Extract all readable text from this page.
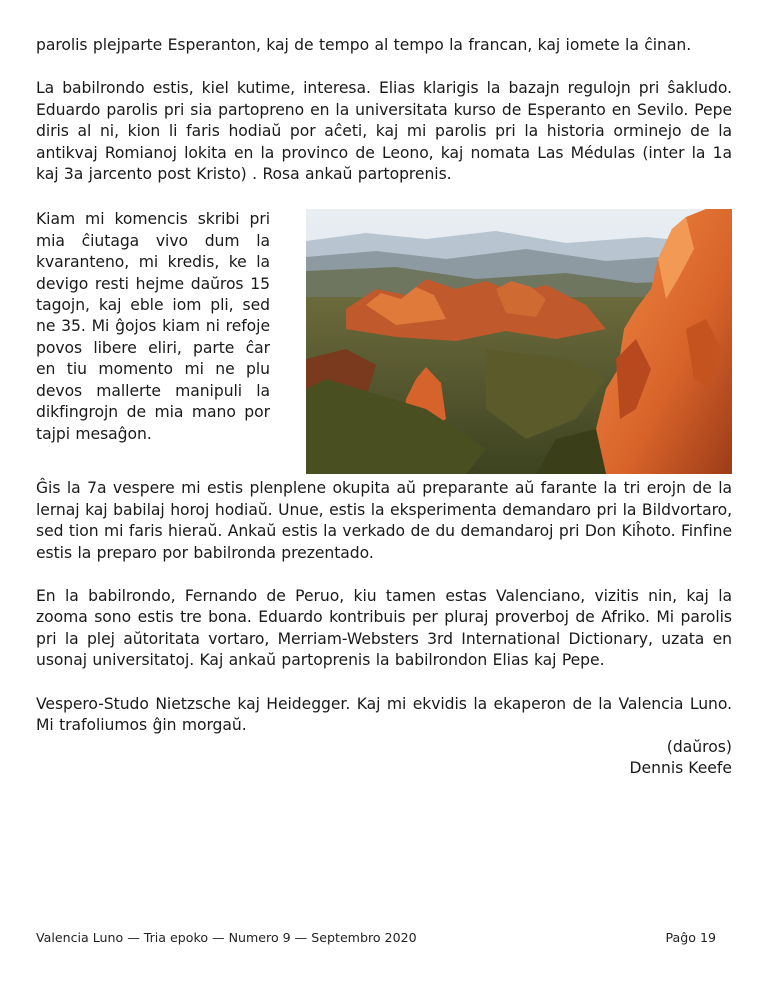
parolis plejparte Esperanton, kaj de tempo al tempo la francan, kaj iomete la ĉinan.

La babilrondo estis, kiel kutime, interesa. Elias klarigis la bazajn regulojn pri ŝakludo. Eduardo parolis pri sia partopreno en la universitata kurso de Esperanto en Sevilo. Pepe diris al ni, kion li faris hodiaŭ por aĉeti, kaj mi parolis pri la historia orminejo de la antikvaj Romianoj lokita en la provinco de Leono, kaj nomata Las Médulas (inter la 1a kaj 3a jarcento post Kristo) . Rosa ankaŭ partoprenis.

Kiam mi komencis skribi pri mia ĉiutaga vivo dum la kvaranteno, mi kredis, ke la devigo resti hejme daŭros 15 tagojn, kaj eble iom pli, sed ne 35. Mi ĝojos kiam ni refoje povos libere eliri, parte ĉar en tiu momento mi ne plu devos mallerte manipuli la dikfingrojn de mia mano por tajpi mesaĝon.

Ĝis la 7a vespere mi estis plenplene okupita aŭ preparante aŭ farante la tri erojn de la lernaj kaj babilaj horoj hodiaŭ. Unue, estis la eksperimenta demandaro pri la Bildvortaro, sed tion mi faris hieraŭ. Ankaŭ estis la verkado de du demandaroj pri Don Kiĥoto. Finfine estis la preparo por babilronda prezentado.

En la babilrondo, Fernando de Peruo, kiu tamen estas Valenciano, vizitis nin, kaj la zooma sono estis tre bona. Eduardo kontribuis per pluraj proverboj de Afriko. Mi parolis pri la plej aŭtoritata vortaro, Merriam-Websters 3rd International Dictionary, uzata en usonaj universitatoj. Kaj ankaŭ partoprenis la babilrondon Elias kaj Pepe.

Vespero-Studo Nietzsche kaj Heidegger. Kaj mi ekvidis la ekaperon de la Valencia Luno. Mi trafoliumos ĝin morgaŭ.

(daŭros)
Dennis Keefe
Valencia Luno — Tria epoko — Numero 9 — Septembro 2020	Paĝo 19
